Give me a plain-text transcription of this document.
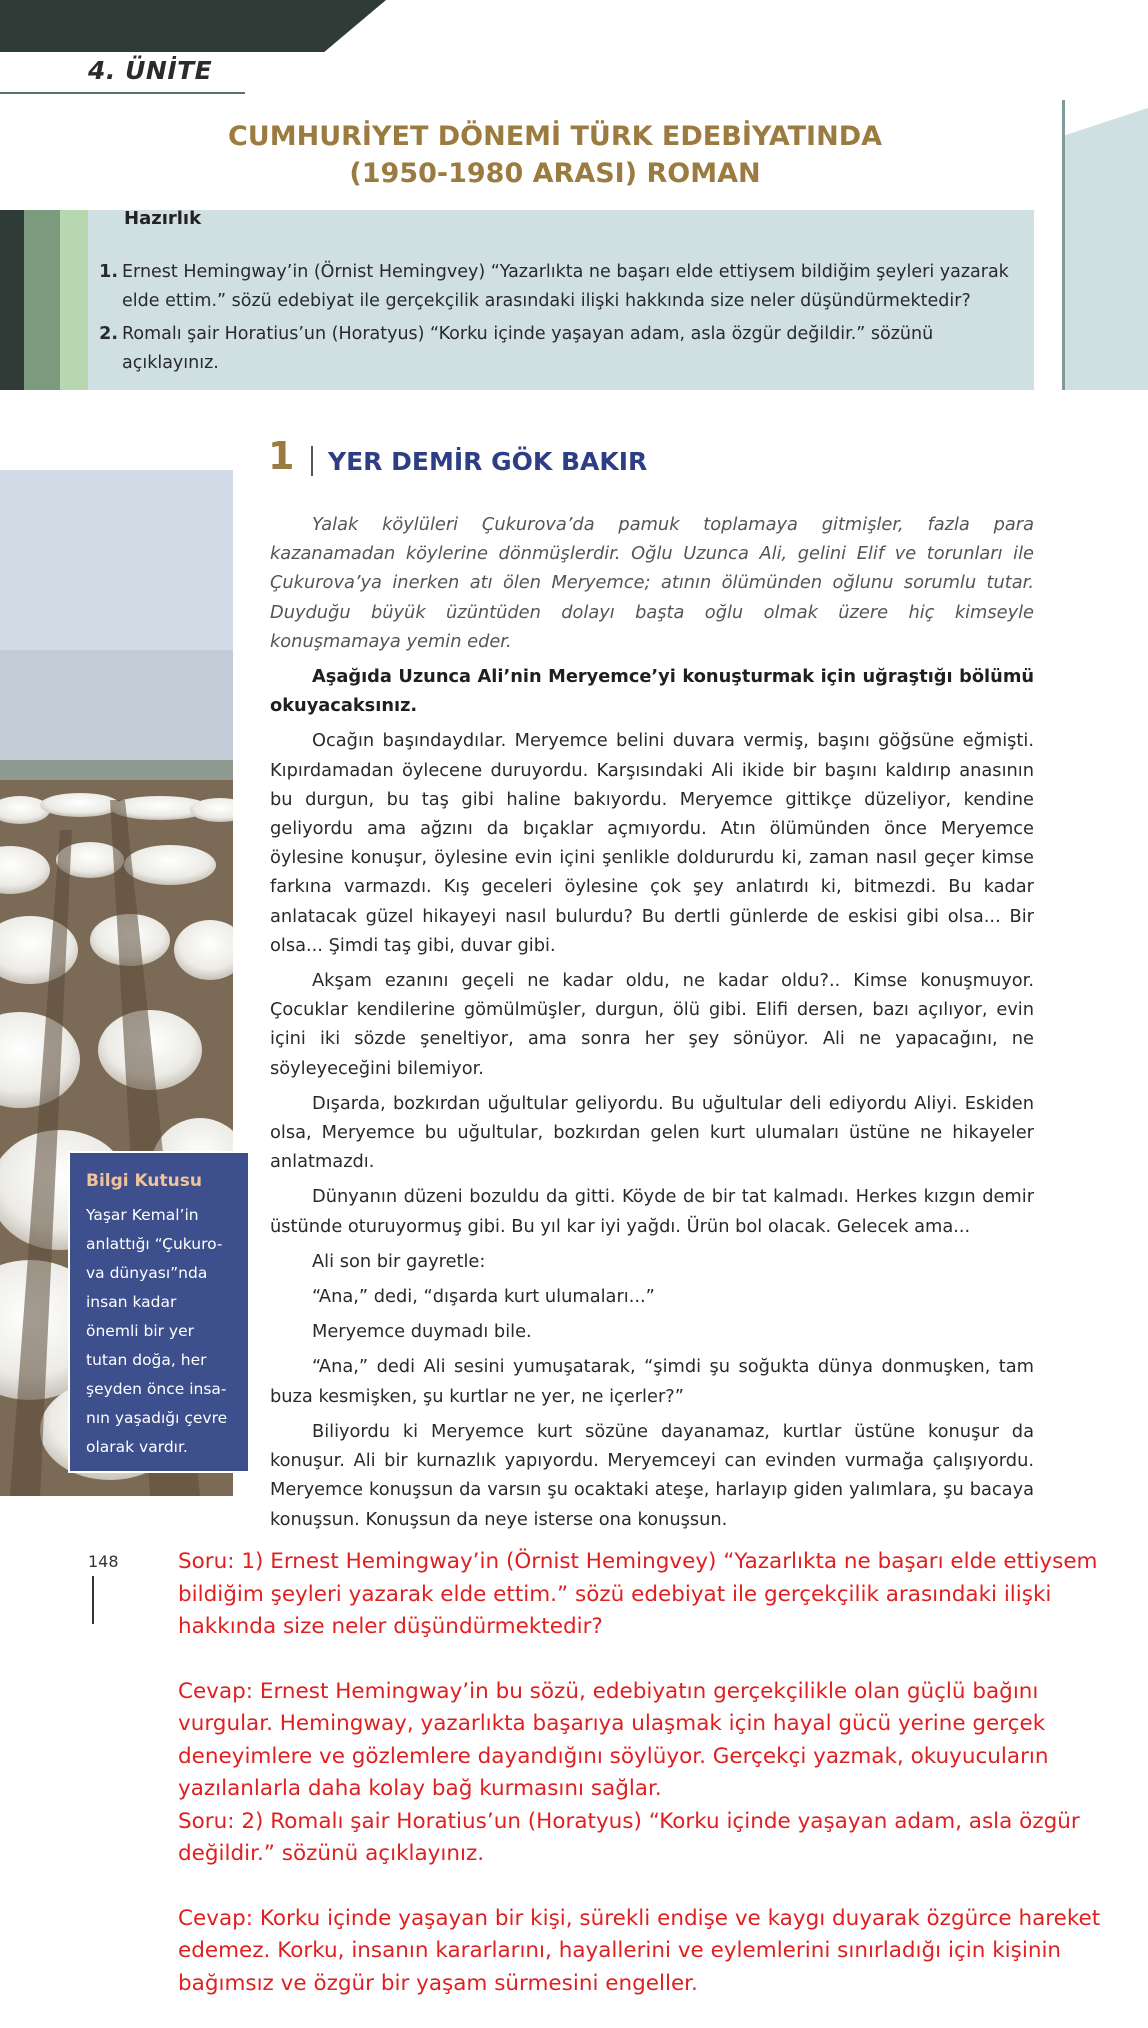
4. ÜNİTE
CUMHURİYET DÖNEMİ TÜRK EDEBİYATINDA
(1950-1980 ARASI) ROMAN
Hazırlık
1. Ernest Hemingway’in (Örnist Hemingvey) “Yazarlıkta ne başarı elde ettiysem bildiğim şeyleri yazarak elde ettim.” sözü edebiyat ile gerçekçilik arasındaki ilişki hakkında size neler düşündürmektedir?
2. Romalı şair Horatius’un (Horatyus) “Korku içinde yaşayan adam, asla özgür değildir.” sözünü açıklayınız.
Bilgi Kutusu
Yaşar Kemal’in
anlattığı “Çukuro-
va dünyası”nda
insan kadar
önemli bir yer
tutan doğa, her
şeyden önce insa-
nın yaşadığı çevre
olarak vardır.
1 YER DEMİR GÖK BAKIR

Yalak köylüleri Çukurova’da pamuk toplamaya gitmişler, fazla para kazanamadan köylerine dönmüşlerdir. Oğlu Uzunca Ali, gelini Elif ve torunları ile Çukurova’ya inerken atı ölen Meryemce; atının ölümünden oğlunu sorumlu tutar. Duyduğu büyük üzüntüden dolayı başta oğlu olmak üzere hiç kimseyle konuşmamaya yemin eder.

Aşağıda Uzunca Ali’nin Meryemce’yi konuşturmak için uğraştığı bölümü okuyacaksınız.

Ocağın başındaydılar. Meryemce belini duvara vermiş, başını göğsüne eğmişti. Kıpırdamadan öylecene duruyordu. Karşısındaki Ali ikide bir başını kaldırıp anasının bu durgun, bu taş gibi haline bakıyordu. Meryemce gittikçe düzeliyor, kendine geliyordu ama ağzını da bıçaklar açmıyordu. Atın ölümünden önce Meryemce öylesine konuşur, öylesine evin içini şenlikle doldururdu ki, zaman nasıl geçer kimse farkına varmazdı. Kış geceleri öylesine çok şey anlatırdı ki, bitmezdi. Bu kadar anlatacak güzel hikayeyi nasıl bulurdu? Bu dertli günlerde de eskisi gibi olsa... Bir olsa... Şimdi taş gibi, duvar gibi.

Akşam ezanını geçeli ne kadar oldu, ne kadar oldu?.. Kimse konuşmuyor. Çocuklar kendilerine gömülmüşler, durgun, ölü gibi. Elifi dersen, bazı açılıyor, evin içini iki sözde şeneltiyor, ama sonra her şey sönüyor. Ali ne yapacağını, ne söyleyeceğini bilemiyor.

Dışarda, bozkırdan uğultular geliyordu. Bu uğultular deli ediyordu Aliyi. Eskiden olsa, Meryemce bu uğultular, bozkırdan gelen kurt ulumaları üstüne ne hikayeler anlatmazdı.

Dünyanın düzeni bozuldu da gitti. Köyde de bir tat kalmadı. Herkes kızgın demir üstünde oturuyormuş gibi. Bu yıl kar iyi yağdı. Ürün bol olacak. Gelecek ama...

Ali son bir gayretle:

“Ana,” dedi, “dışarda kurt ulumaları...”

Meryemce duymadı bile.

“Ana,” dedi Ali sesini yumuşatarak, “şimdi şu soğukta dünya donmuşken, tam buza kesmişken, şu kurtlar ne yer, ne içerler?”

Biliyordu ki Meryemce kurt sözüne dayanamaz, kurtlar üstüne konuşur da konuşur. Ali bir kurnazlık yapıyordu. Meryemceyi can evinden vurmağa çalışıyordu. Meryemce konuşsun da varsın şu ocaktaki ateşe, harlayıp giden yalımlara, şu bacaya konuşsun. Konuşsun da neye isterse ona konuşsun.

148	Soru: 1) Ernest Hemingway’in (Örnist Hemingvey) “Yazarlıkta ne başarı elde ettiysem bildiğim şeyleri yazarak elde ettim.” sözü edebiyat ile gerçekçilik arasındaki ilişki hakkında size neler düşündürmektedir?

Cevap: Ernest Hemingway’in bu sözü, edebiyatın gerçekçilikle olan güçlü bağını vurgular. Hemingway, yazarlıkta başarıya ulaşmak için hayal gücü yerine gerçek deneyimlere ve gözlemlere dayandığını söylüyor. Gerçekçi yazmak, okuyucuların yazılanlarla daha kolay bağ kurmasını sağlar.

Soru: 2) Romalı şair Horatius’un (Horatyus) “Korku içinde yaşayan adam, asla özgür değildir.” sözünü açıklayınız.

Cevap: Korku içinde yaşayan bir kişi, sürekli endişe ve kaygı duyarak özgürce hareket edemez. Korku, insanın kararlarını, hayallerini ve eylemlerini sınırladığı için kişinin bağımsız ve özgür bir yaşam sürmesini engeller.
